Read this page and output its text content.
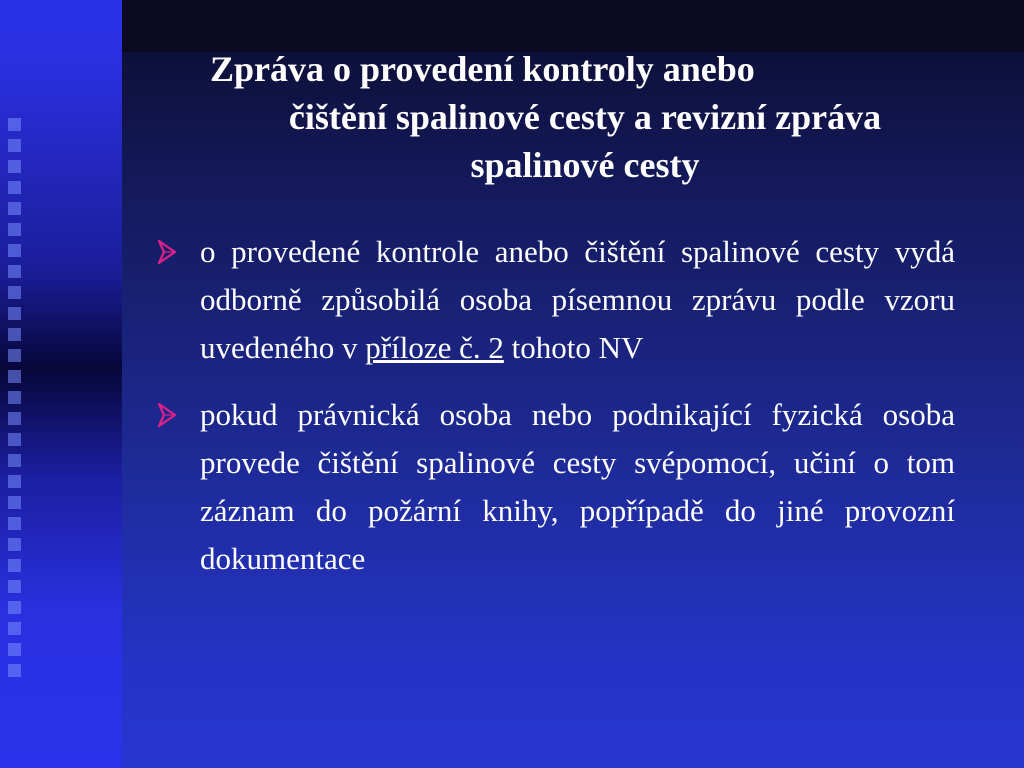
Zpráva o provedení kontroly anebo
čištění spalinové cesty a revizní zpráva
spalinové cesty
o provedené kontrole anebo čištění spalinové cesty vydá odborně způsobilá osoba písemnou zprávu podle vzoru uvedeného v příloze č. 2 tohoto NV
pokud právnická osoba nebo podnikající fyzická osoba provede čištění spalinové cesty svépomocí, učiní o tom záznam do požární knihy, popřípadě do jiné provozní dokumentace
